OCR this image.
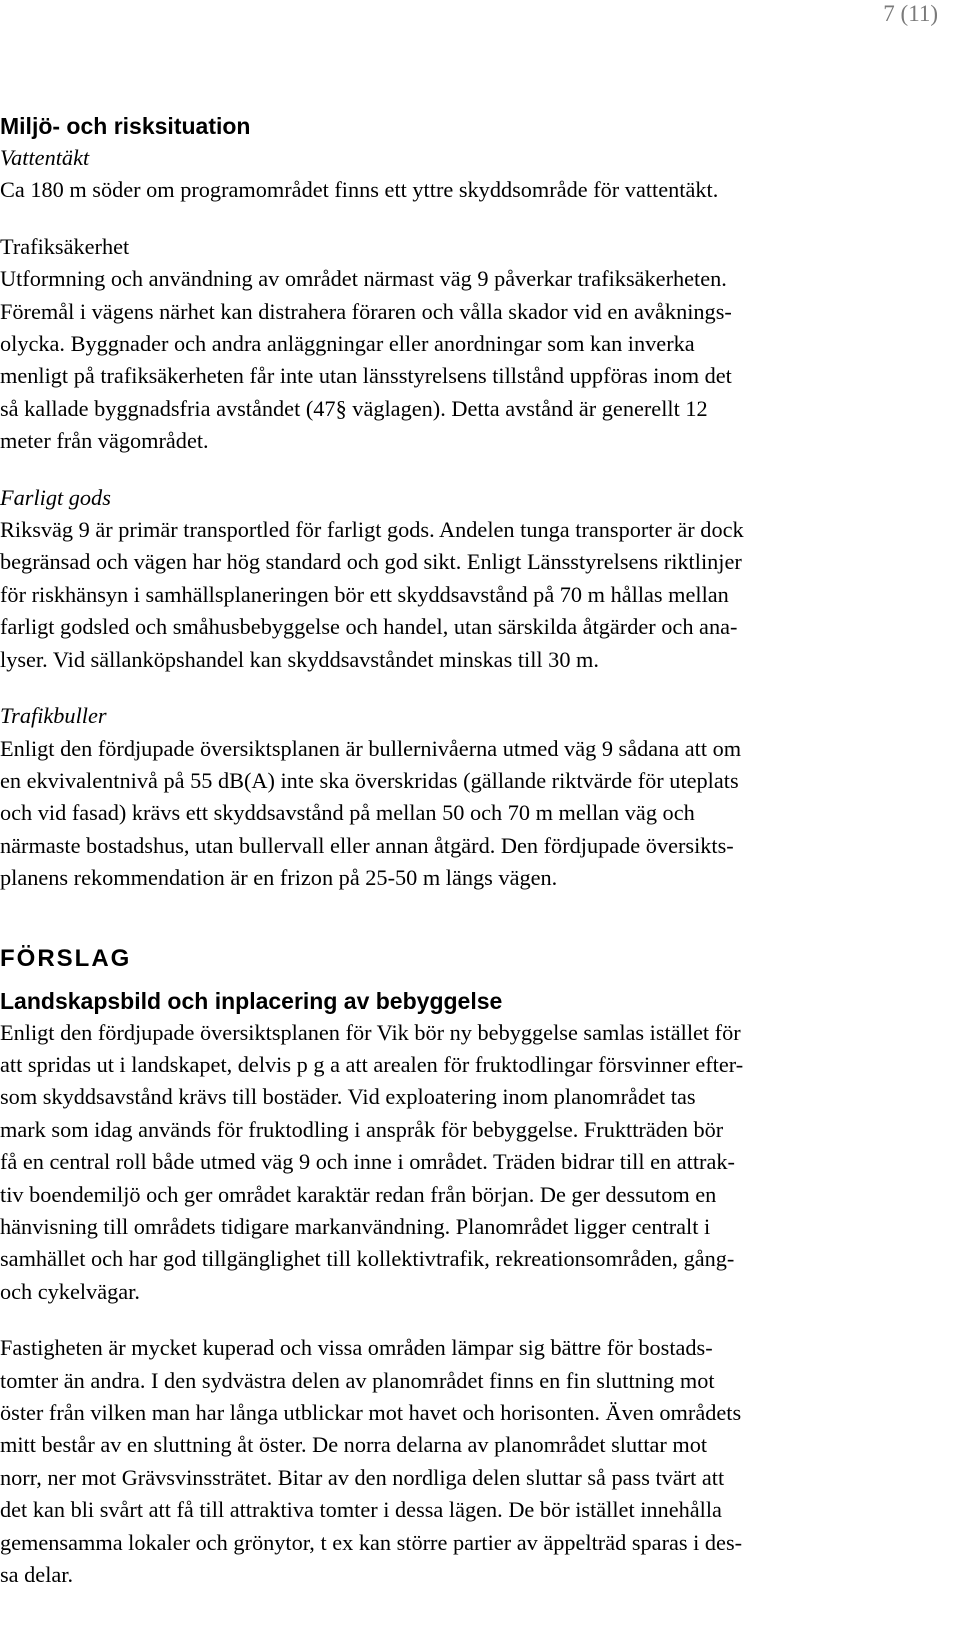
7 (11)
Miljö- och risksituation

Vattentäkt

Ca 180 m söder om programområdet finns ett yttre skyddsområde för vattentäkt.

Trafiksäkerhet

Utformning och användning av området närmast väg 9 påverkar trafiksäkerheten.
Föremål i vägens närhet kan distrahera föraren och vålla skador vid en avåknings-
olycka. Byggnader och andra anläggningar eller anordningar som kan inverka
menligt på trafiksäkerheten får inte utan länsstyrelsens tillstånd uppföras inom det
så kallade byggnadsfria avståndet (47§ väglagen). Detta avstånd är generellt 12
meter från vägområdet.

Farligt gods

Riksväg 9 är primär transportled för farligt gods. Andelen tunga transporter är dock
begränsad och vägen har hög standard och god sikt. Enligt Länsstyrelsens riktlinjer
för riskhänsyn i samhällsplaneringen bör ett skyddsavstånd på 70 m hållas mellan
farligt godsled och småhusbebyggelse och handel, utan särskilda åtgärder och ana-
lyser. Vid sällanköpshandel kan skyddsavståndet minskas till 30 m.

Trafikbuller

Enligt den fördjupade översiktsplanen är bullernivåerna utmed väg 9 sådana att om
en ekvivalentnivå på 55 dB(A) inte ska överskridas (gällande riktvärde för uteplats
och vid fasad) krävs ett skyddsavstånd på mellan 50 och 70 m mellan väg och
närmaste bostadshus, utan bullervall eller annan åtgärd. Den fördjupade översikts-
planens rekommendation är en frizon på 25-50 m längs vägen.

FÖRSLAG
Landskapsbild och inplacering av bebyggelse

Enligt den fördjupade översiktsplanen för Vik bör ny bebyggelse samlas istället för
att spridas ut i landskapet, delvis p g a att arealen för fruktodlingar försvinner efter-
som skyddsavstånd krävs till bostäder. Vid exploatering inom planområdet tas
mark som idag används för fruktodling i anspråk för bebyggelse. Fruktträden bör
få en central roll både utmed väg 9 och inne i området. Träden bidrar till en attrak-
tiv boendemiljö och ger området karaktär redan från början. De ger dessutom en
hänvisning till områdets tidigare markanvändning. Planområdet ligger centralt i
samhället och har god tillgänglighet till kollektivtrafik, rekreationsområden, gång-
och cykelvägar.

Fastigheten är mycket kuperad och vissa områden lämpar sig bättre för bostads-
tomter än andra. I den sydvästra delen av planområdet finns en fin sluttning mot
öster från vilken man har långa utblickar mot havet och horisonten. Även områdets
mitt består av en sluttning åt öster. De norra delarna av planområdet sluttar mot
norr, ner mot Grävsvinssträtet. Bitar av den nordliga delen sluttar så pass tvärt att
det kan bli svårt att få till attraktiva tomter i dessa lägen. De bör istället innehålla
gemensamma lokaler och grönytor, t ex kan större partier av äppelträd sparas i des-
sa delar.
